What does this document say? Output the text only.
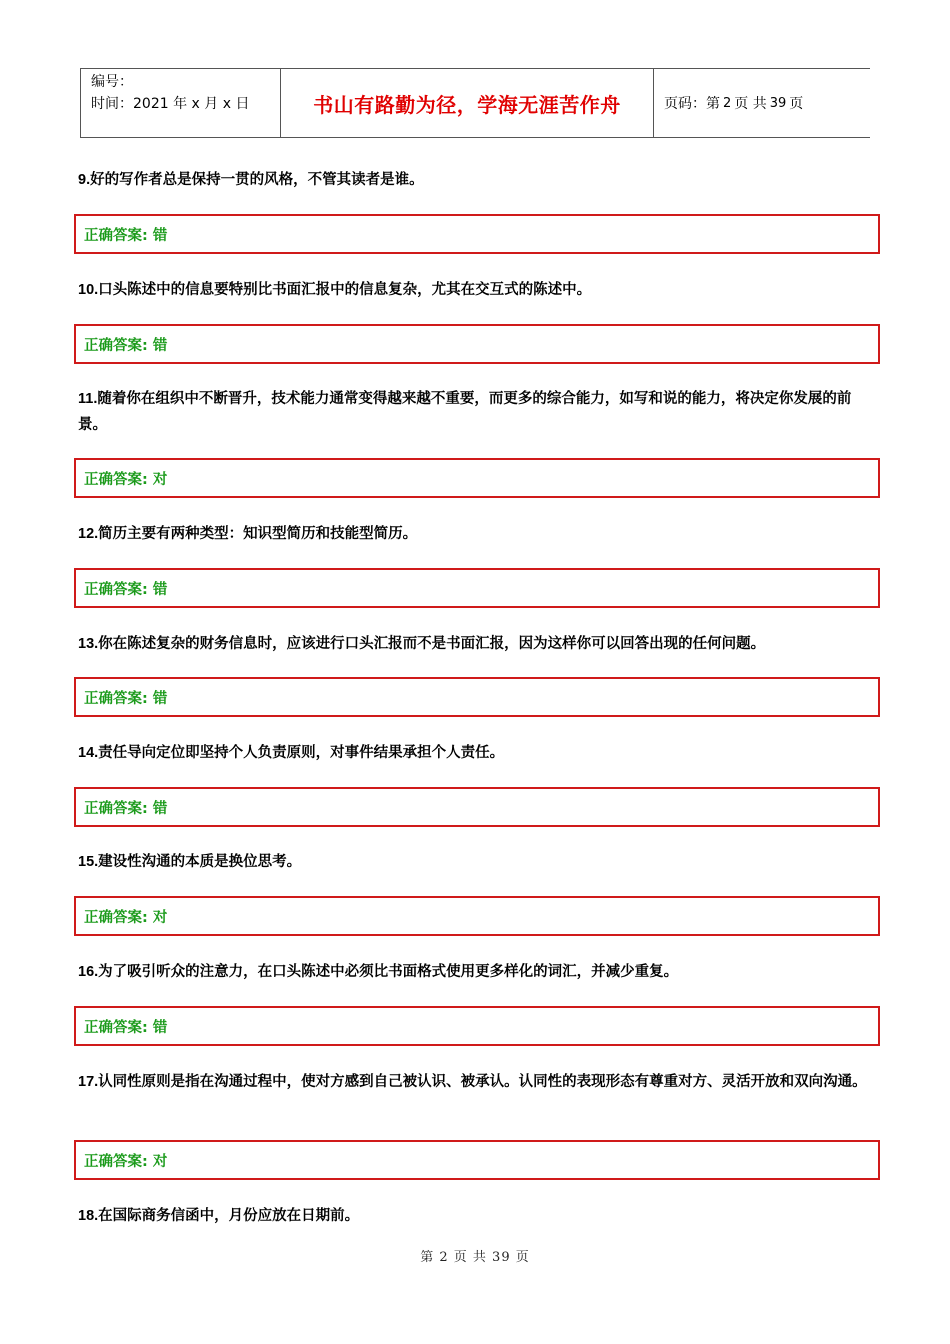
编号：
时间：2021 年 x 月 x 日	书山有路勤为径，学海无涯苦作舟	页码：第 2 页 共 39 页
9.好的写作者总是保持一贯的风格，不管其读者是谁。
正确答案: 错
10.口头陈述中的信息要特别比书面汇报中的信息复杂，尤其在交互式的陈述中。
正确答案: 错
11.随着你在组织中不断晋升，技术能力通常变得越来越不重要，而更多的综合能力，如写和说的能力，将决定你发展的前景。
正确答案: 对
12.简历主要有两种类型：知识型简历和技能型简历。
正确答案: 错
13.你在陈述复杂的财务信息时，应该进行口头汇报而不是书面汇报，因为这样你可以回答出现的任何问题。
正确答案: 错
14.责任导向定位即坚持个人负责原则，对事件结果承担个人责任。
正确答案: 错
15.建设性沟通的本质是换位思考。
正确答案: 对
16.为了吸引听众的注意力，在口头陈述中必须比书面格式使用更多样化的词汇，并减少重复。
正确答案: 错
17.认同性原则是指在沟通过程中，使对方感到自己被认识、被承认。认同性的表现形态有尊重对方、灵活开放和双向沟通。
正确答案: 对
18.在国际商务信函中，月份应放在日期前。
第 2 页 共 39 页
